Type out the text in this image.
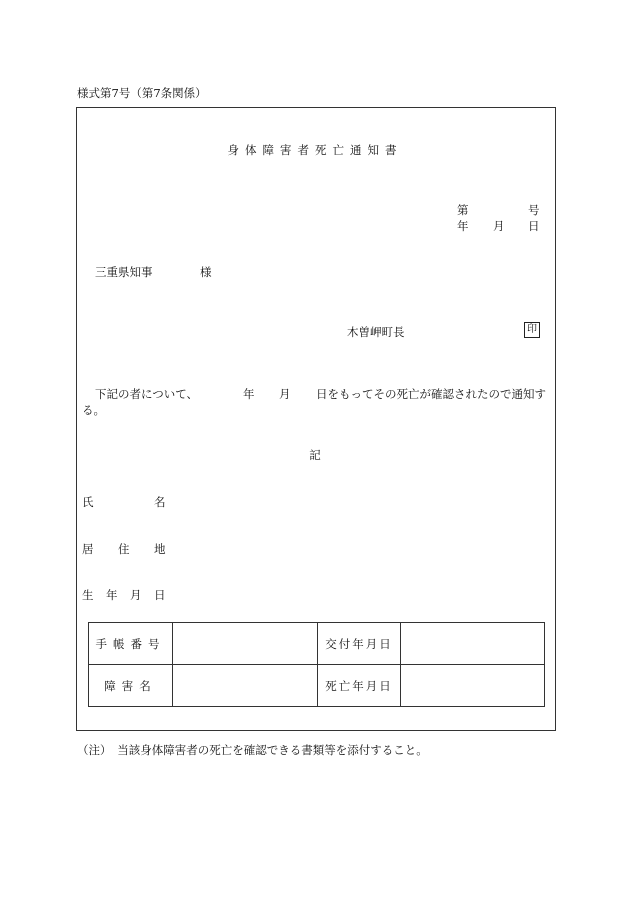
様式第7号（第7条関係）
身体障害者死亡通知書
第	号
年 月 日
三重県知事	様
木曽岬町長	印
下記の者について、	年 月 日をもってその死亡が確認されたので通知す
る。
記
氏	名
居 住 地
生 年 月 日
手帳番号		交付年月日	
障害名		死亡年月日	
（注）　当該身体障害者の死亡を確認できる書類等を添付すること。
